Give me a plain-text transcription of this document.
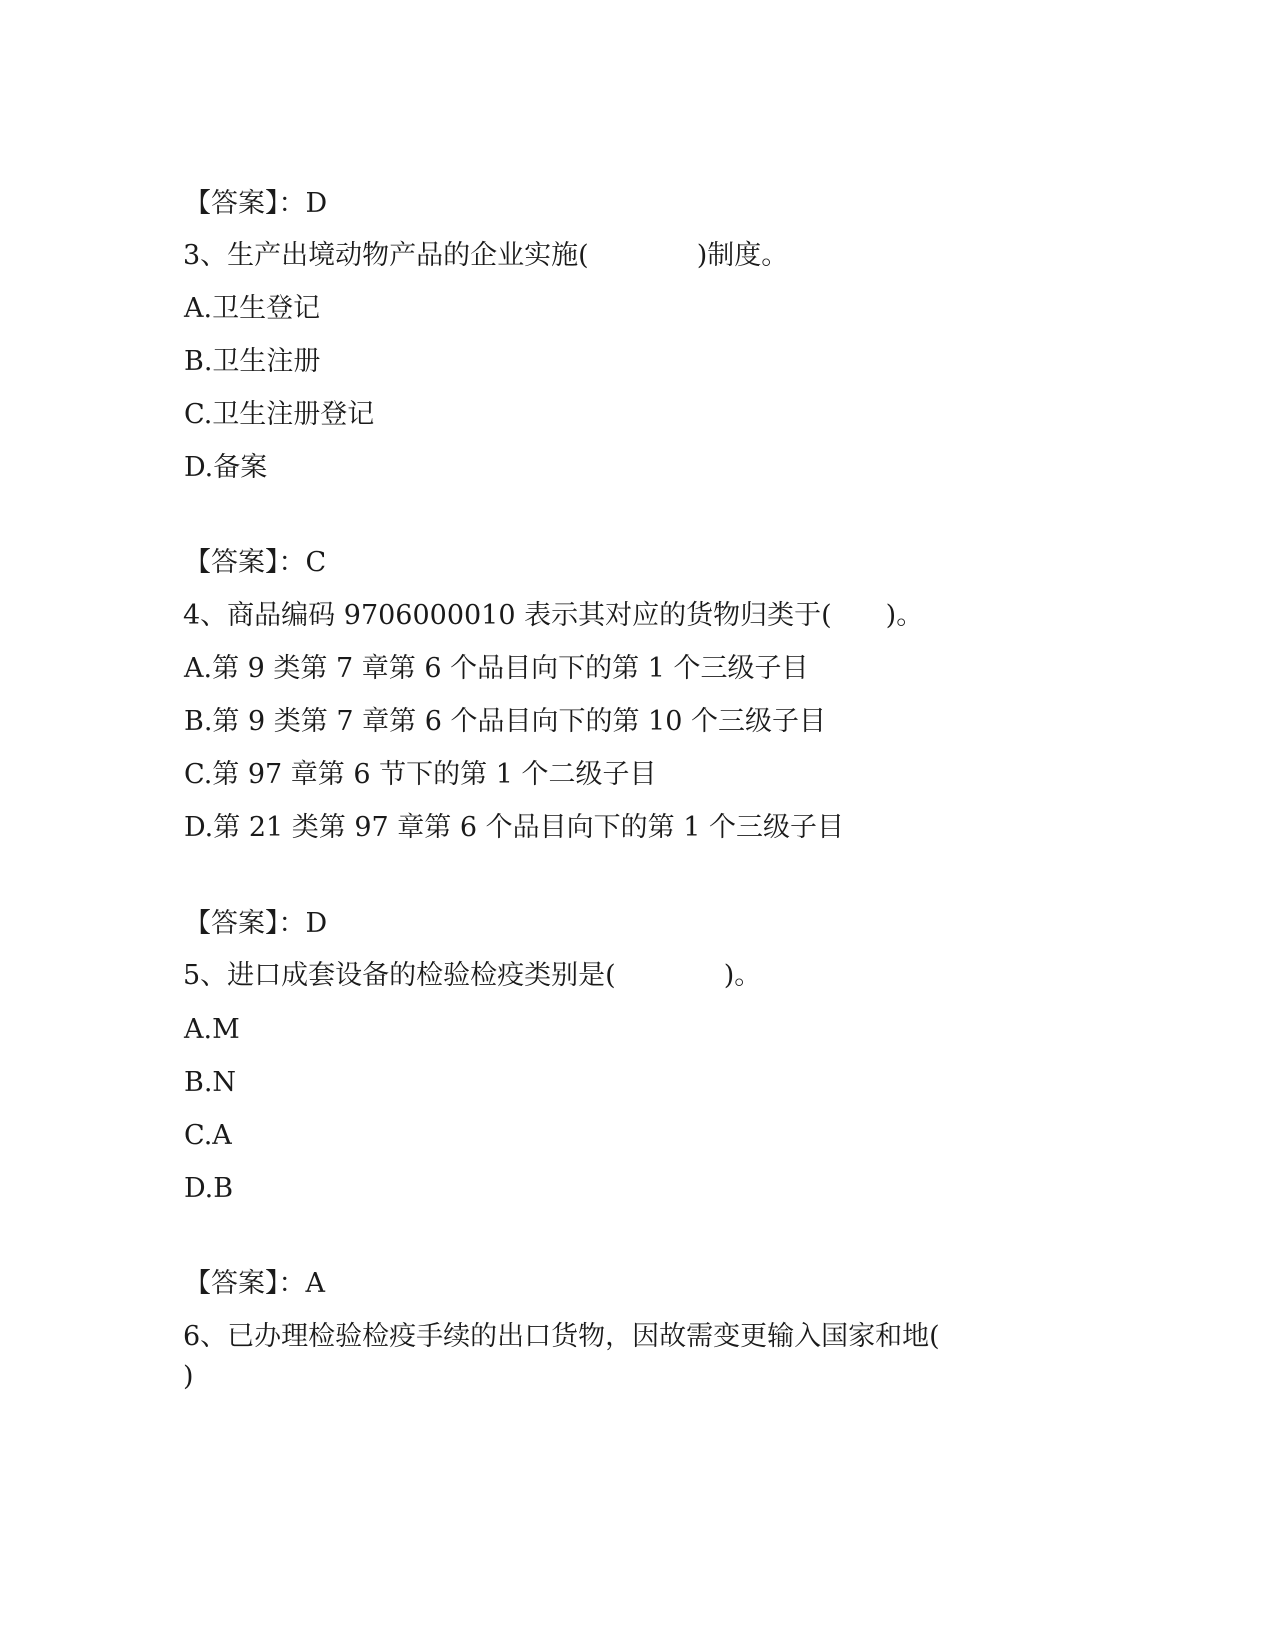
【答案】：D
3、生产出境动物产品的企业实施(　　　　)制度。
A.卫生登记
B.卫生注册
C.卫生注册登记
D.备案
【答案】：C
4、商品编码 9706000010 表示其对应的货物归类于(　　)。
A.第 9 类第 7 章第 6 个品目向下的第 1 个三级子目
B.第 9 类第 7 章第 6 个品目向下的第 10 个三级子目
C.第 97 章第 6 节下的第 1 个二级子目
D.第 21 类第 97 章第 6 个品目向下的第 1 个三级子目
【答案】：D
5、进口成套设备的检验检疫类别是(　　　　)。
A.M
B.N
C.A
D.B
【答案】：A
6、已办理检验检疫手续的出口货物，因故需变更输入国家和地(
)
